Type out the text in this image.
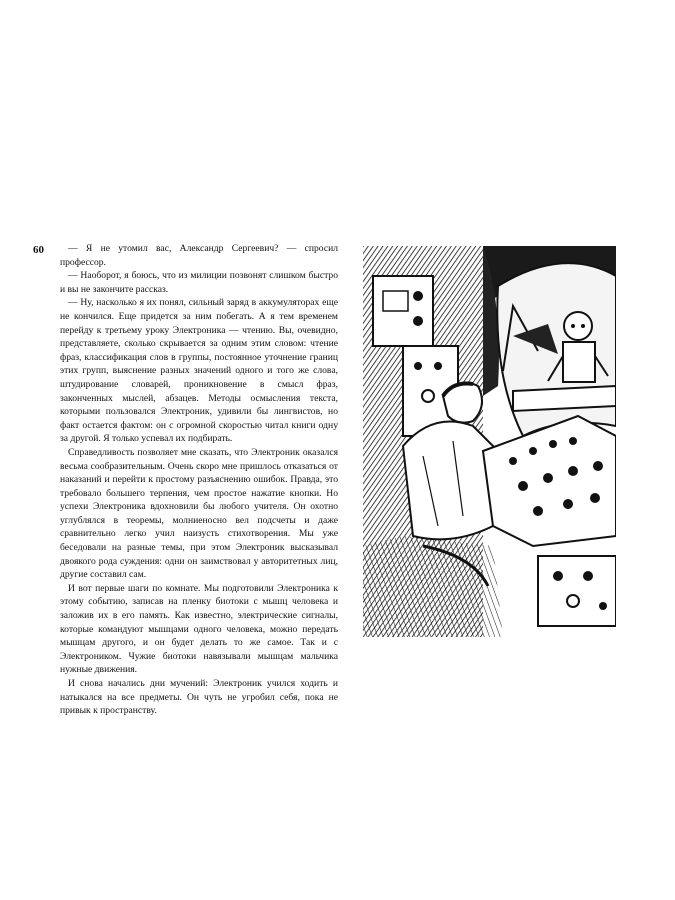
60	— Я не утомил вас, Александр Сергеевич? — спросил профессор.

— Наоборот, я боюсь, что из милиции позвонят слишком быстро и вы не закончите рассказ.

— Ну, насколько я их понял, сильный заряд в аккумуляторах еще не кончился. Еще придется за ним побегать. А я тем временем перейду к третьему уроку Электроника — чтению. Вы, очевидно, представляете, сколько скрывается за одним этим словом: чтение фраз, классификация слов в группы, постоянное уточнение границ этих групп, выяснение разных значений одного и того же слова, штудирование словарей, проникновение в смысл фраз, законченных мыслей, абзацев. Методы осмысления текста, которыми пользовался Электроник, удивили бы лингвистов, но факт остается фактом: он с огромной скоростью читал книги одну за другой. Я только успевал их подбирать.

Справедливость позволяет мне сказать, что Электроник оказался весьма сообразительным. Очень скоро мне пришлось отказаться от наказаний и перейти к простому разъяснению ошибок. Правда, это требовало большего терпения, чем простое нажатие кнопки. Но успехи Электроника вдохновили бы любого учителя. Он охотно углублялся в теоремы, молниеносно вел подсчеты и даже сравнительно легко учил наизусть стихотворения. Мы уже беседовали на разные темы, при этом Электроник высказывал двоякого рода суждения: одни он заимствовал у авторитетных лиц, другие составил сам.

И вот первые шаги по комнате. Мы подготовили Электроника к этому событию, записав на пленку биотоки с мышц человека и заложив их в его память. Как известно, электрические сигналы, которые командуют мышцами одного человека, можно передать мышцам другого, и он будет делать то же самое. Так и с Электроником. Чужие биотоки навязывали мышцам мальчика нужные движения.

И снова начались дни мучений: Электроник учился ходить и натыкался на все предметы. Он чуть не угробил себя, пока не привык к пространству.
